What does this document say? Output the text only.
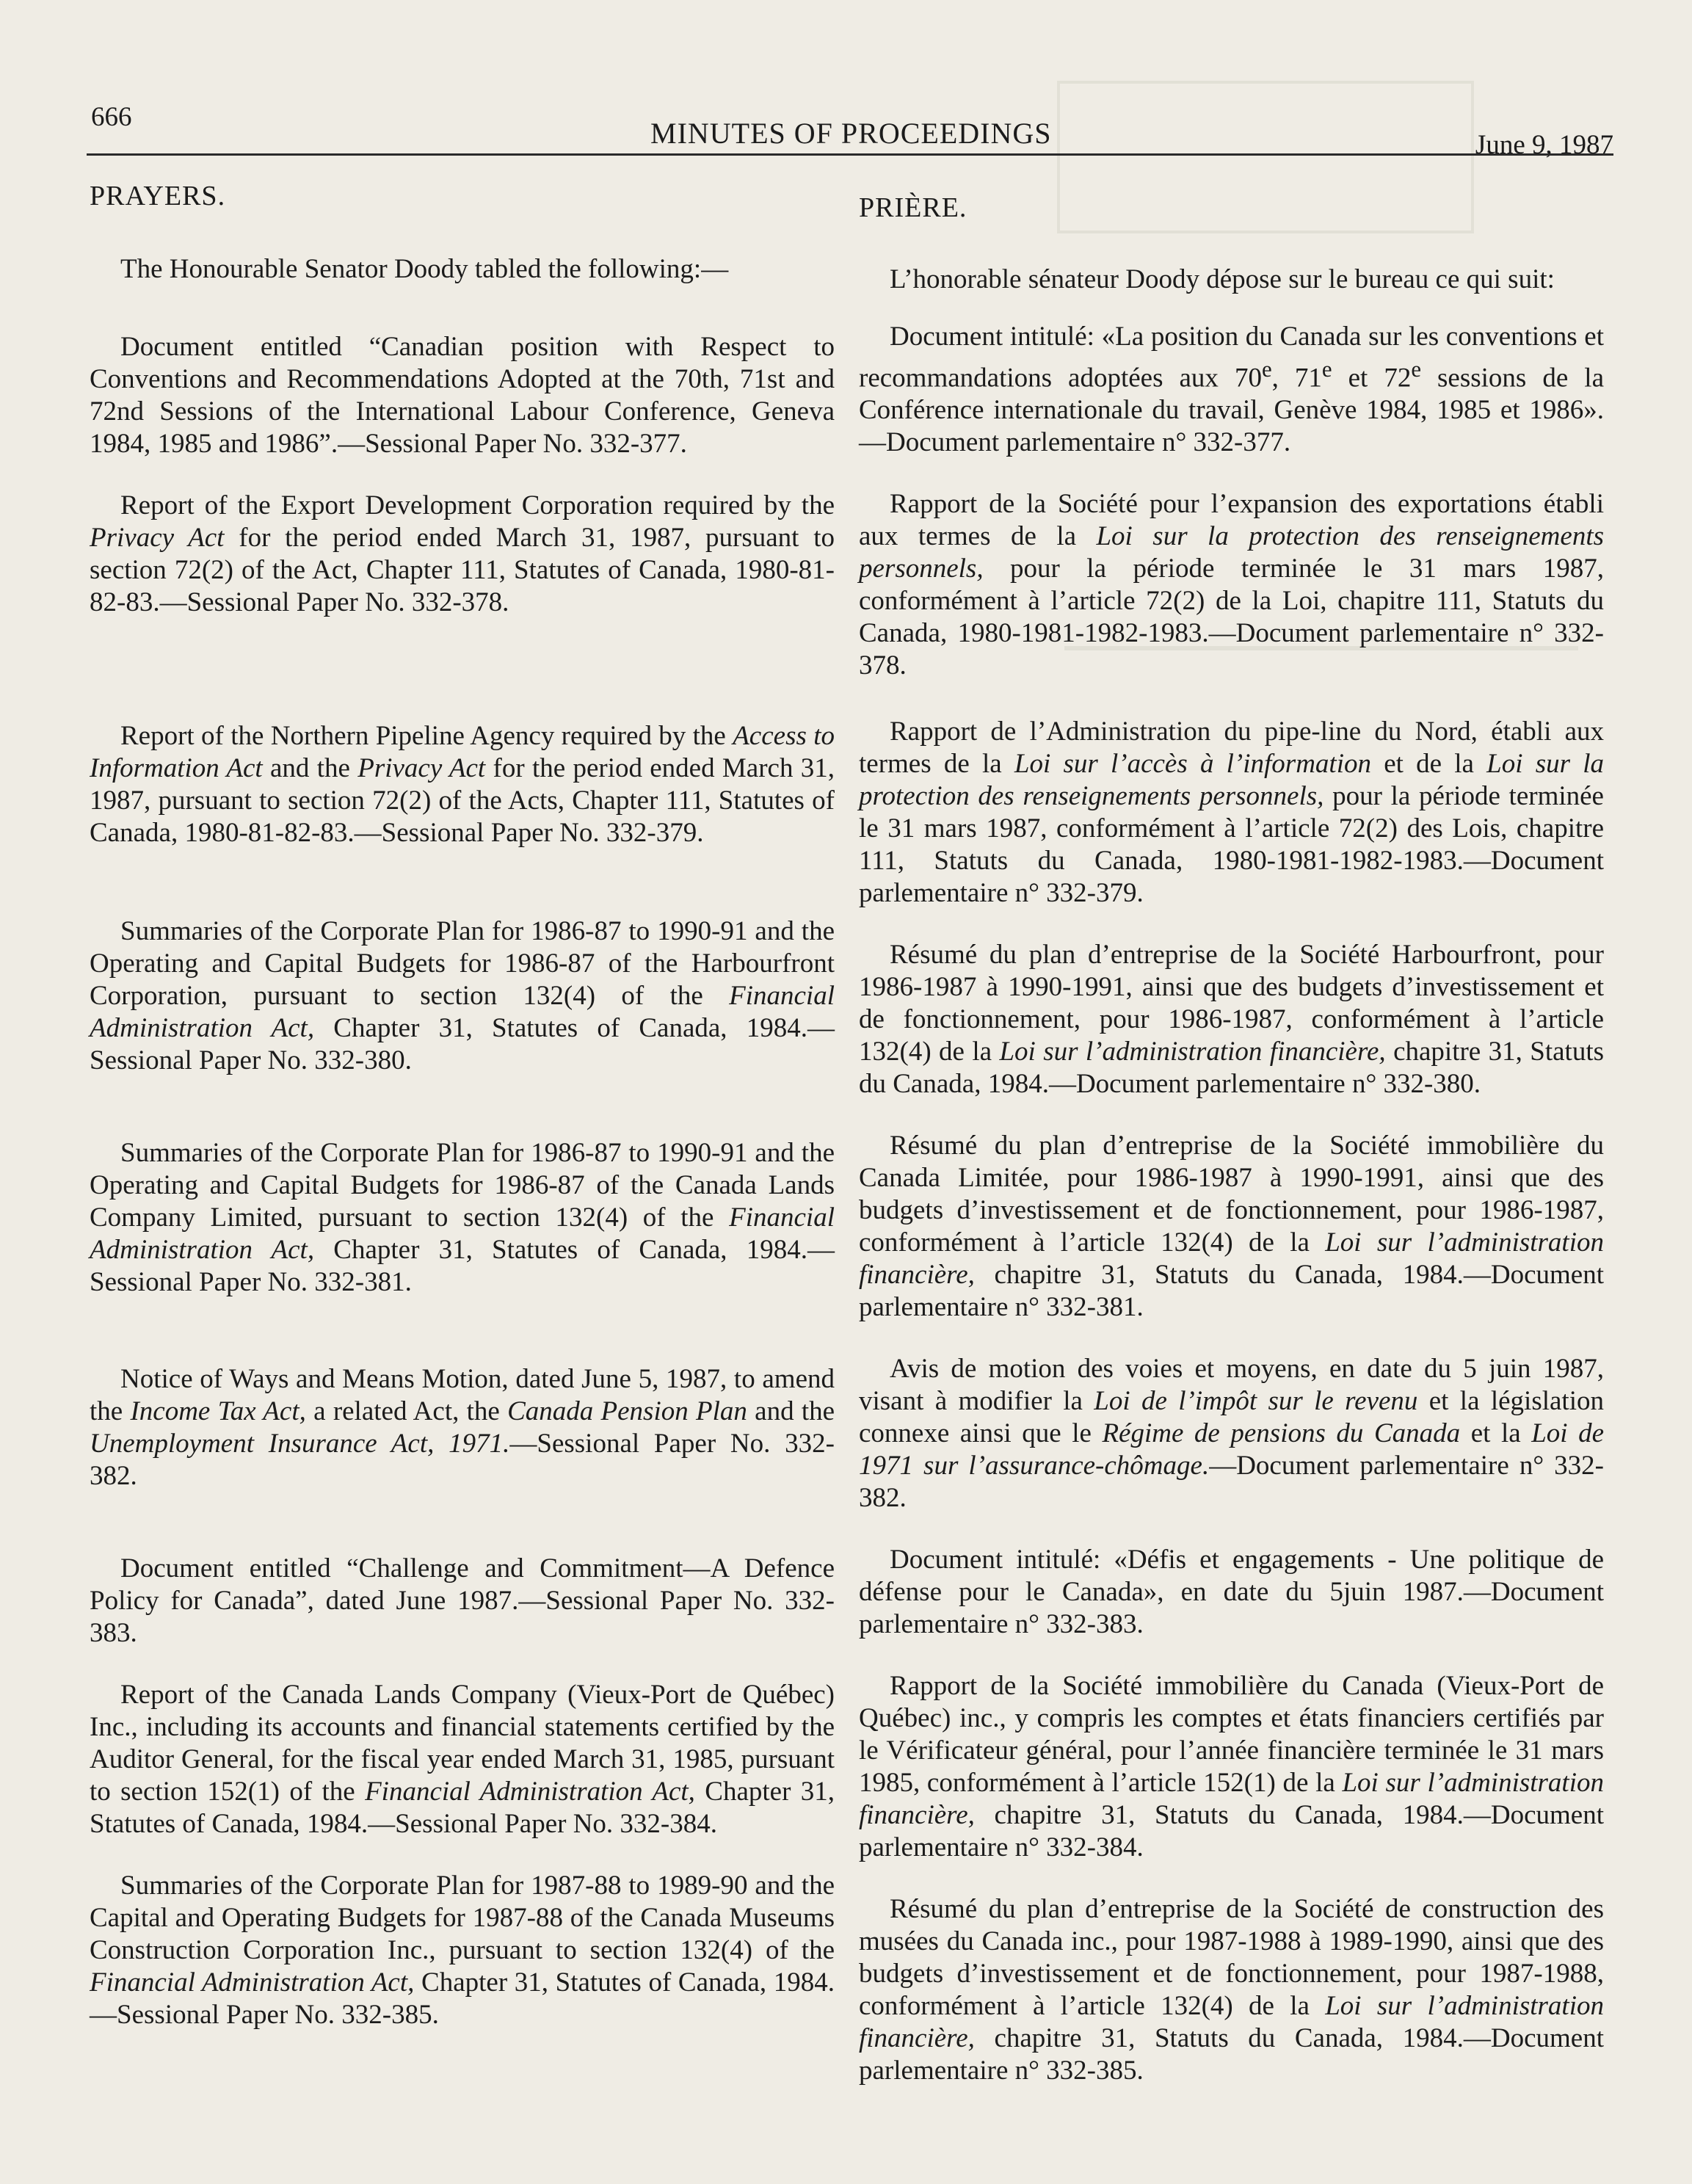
666	MINUTES OF PROCEEDINGS	June 9, 1987
PRAYERS.

The Honourable Senator Doody tabled the following:—

Document entitled “Canadian position with Respect to Conventions and Recommendations Adopted at the 70th, 71st and 72nd Sessions of the International Labour Conference, Geneva 1984, 1985 and 1986”.—Sessional Paper No. 332-377.

Report of the Export Development Corporation required by the Privacy Act for the period ended March 31, 1987, pursuant to section 72(2) of the Act, Chapter 111, Statutes of Canada, 1980-81-82-83.—Sessional Paper No. 332-378.

Report of the Northern Pipeline Agency required by the Access to Information Act and the Privacy Act for the period ended March 31, 1987, pursuant to section 72(2) of the Acts, Chapter 111, Statutes of Canada, 1980-81-82-83.—Sessional Paper No. 332-379.

Summaries of the Corporate Plan for 1986-87 to 1990-91 and the Operating and Capital Budgets for 1986-87 of the Harbourfront Corporation, pursuant to section 132(4) of the Financial Administration Act, Chapter 31, Statutes of Canada, 1984.—Sessional Paper No. 332-380.

Summaries of the Corporate Plan for 1986-87 to 1990-91 and the Operating and Capital Budgets for 1986-87 of the Canada Lands Company Limited, pursuant to section 132(4) of the Financial Administration Act, Chapter 31, Statutes of Canada, 1984.—Sessional Paper No. 332-381.

Notice of Ways and Means Motion, dated June 5, 1987, to amend the Income Tax Act, a related Act, the Canada Pension Plan and the Unemployment Insurance Act, 1971.—Sessional Paper No. 332-382.

Document entitled “Challenge and Commitment—A Defence Policy for Canada”, dated June 1987.—Sessional Paper No. 332-383.

Report of the Canada Lands Company (Vieux-Port de Québec) Inc., including its accounts and financial statements certified by the Auditor General, for the fiscal year ended March 31, 1985, pursuant to section 152(1) of the Financial Administration Act, Chapter 31, Statutes of Canada, 1984.—Sessional Paper No. 332-384.

Summaries of the Corporate Plan for 1987-88 to 1989-90 and the Capital and Operating Budgets for 1987-88 of the Canada Museums Construction Corporation Inc., pursuant to section 132(4) of the Financial Administration Act, Chapter 31, Statutes of Canada, 1984.—Sessional Paper No. 332-385.

PRIÈRE.

L’honorable sénateur Doody dépose sur le bureau ce qui suit:

Document intitulé: «La position du Canada sur les conventions et recommandations adoptées aux 70e, 71e et 72e sessions de la Conférence internationale du travail, Genève 1984, 1985 et 1986».—Document parlementaire n° 332-377.

Rapport de la Société pour l’expansion des exportations établi aux termes de la Loi sur la protection des renseignements personnels, pour la période terminée le 31 mars 1987, conformément à l’article 72(2) de la Loi, chapitre 111, Statuts du Canada, 1980-1981-1982-1983.—Document parlementaire n° 332-378.

Rapport de l’Administration du pipe-line du Nord, établi aux termes de la Loi sur l’accès à l’information et de la Loi sur la protection des renseignements personnels, pour la période terminée le 31 mars 1987, conformément à l’article 72(2) des Lois, chapitre 111, Statuts du Canada, 1980-1981-1982-1983.—Document parlementaire n° 332-379.

Résumé du plan d’entreprise de la Société Harbourfront, pour 1986-1987 à 1990-1991, ainsi que des budgets d’investissement et de fonctionnement, pour 1986-1987, conformément à l’article 132(4) de la Loi sur l’administration financière, chapitre 31, Statuts du Canada, 1984.—Document parlementaire n° 332-380.

Résumé du plan d’entreprise de la Société immobilière du Canada Limitée, pour 1986-1987 à 1990-1991, ainsi que des budgets d’investissement et de fonctionnement, pour 1986-1987, conformément à l’article 132(4) de la Loi sur l’administration financière, chapitre 31, Statuts du Canada, 1984.—Document parlementaire n° 332-381.

Avis de motion des voies et moyens, en date du 5 juin 1987, visant à modifier la Loi de l’impôt sur le revenu et la législation connexe ainsi que le Régime de pensions du Canada et la Loi de 1971 sur l’assurance-chômage.—Document parlementaire n° 332-382.

Document intitulé: «Défis et engagements - Une politique de défense pour le Canada», en date du 5juin 1987.—Document parlementaire n° 332-383.

Rapport de la Société immobilière du Canada (Vieux-Port de Québec) inc., y compris les comptes et états financiers certifiés par le Vérificateur général, pour l’année financière terminée le 31 mars 1985, conformément à l’article 152(1) de la Loi sur l’administration financière, chapitre 31, Statuts du Canada, 1984.—Document parlementaire n° 332-384.

Résumé du plan d’entreprise de la Société de construction des musées du Canada inc., pour 1987-1988 à 1989-1990, ainsi que des budgets d’investissement et de fonctionnement, pour 1987-1988, conformément à l’article 132(4) de la Loi sur l’administration financière, chapitre 31, Statuts du Canada, 1984.—Document parlementaire n° 332-385.
